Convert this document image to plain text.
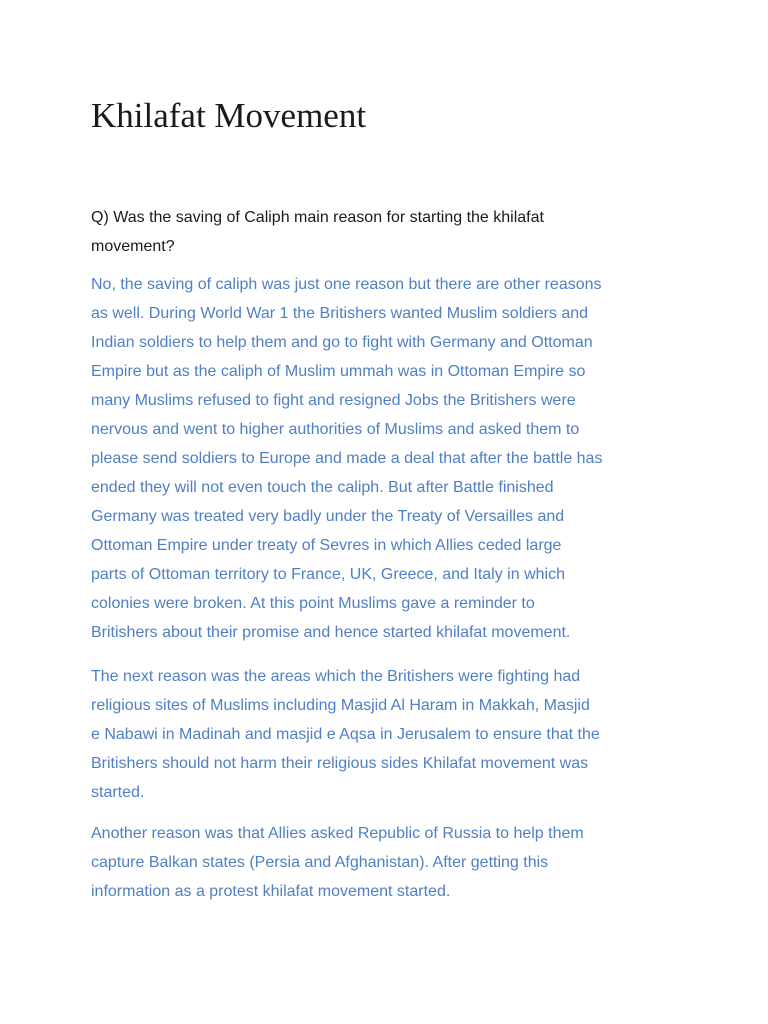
Khilafat Movement

Q) Was the saving of Caliph main reason for starting the khilafat
movement?

No, the saving of caliph was just one reason but there are other reasons
as well. During World War 1 the Britishers wanted Muslim soldiers and
Indian soldiers to help them and go to fight with Germany and Ottoman
Empire but as the caliph of Muslim ummah was in Ottoman Empire so
many Muslims refused to fight and resigned Jobs the Britishers were
nervous and went to higher authorities of Muslims and asked them to
please send soldiers to Europe and made a deal that after the battle has
ended they will not even touch the caliph. But after Battle finished
Germany was treated very badly under the Treaty of Versailles and
Ottoman Empire under treaty of Sevres in which Allies ceded large
parts of Ottoman territory to France, UK, Greece, and Italy in which
colonies were broken. At this point Muslims gave a reminder to
Britishers about their promise and hence started khilafat movement.

The next reason was the areas which the Britishers were fighting had
religious sites of Muslims including Masjid Al Haram in Makkah, Masjid
e Nabawi in Madinah and masjid e Aqsa in Jerusalem to ensure that the
Britishers should not harm their religious sides Khilafat movement was
started.

Another reason was that Allies asked Republic of Russia to help them
capture Balkan states (Persia and Afghanistan). After getting this
information as a protest khilafat movement started.
